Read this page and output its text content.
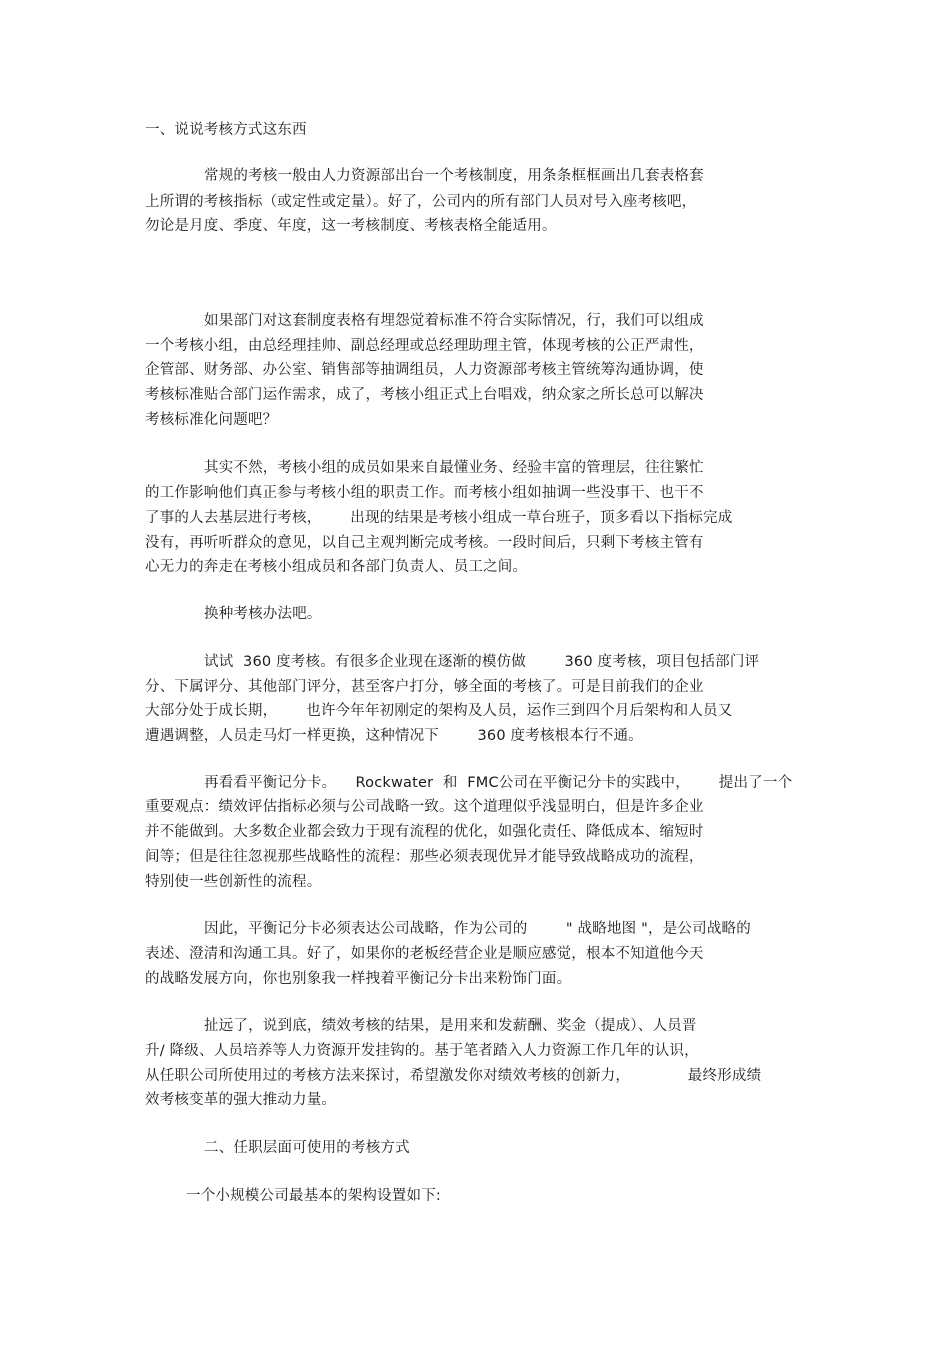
一、说说考核方式这东西
常规的考核一般由人力资源部出台一个考核制度，用条条框框画出几套表格套
上所谓的考核指标（或定性或定量）。好了，公司内的所有部门人员对号入座考核吧，
勿论是月度、季度、年度，这一考核制度、考核表格全能适用。
如果部门对这套制度表格有埋怨觉着标准不符合实际情况，行，我们可以组成
一个考核小组，由总经理挂帅、副总经理或总经理助理主管，体现考核的公正严肃性，
企管部、财务部、办公室、销售部等抽调组员，人力资源部考核主管统筹沟通协调，使
考核标准贴合部门运作需求，成了，考核小组正式上台唱戏，纳众家之所长总可以解决
考核标准化问题吧？
其实不然，考核小组的成员如果来自最懂业务、经验丰富的管理层，往往繁忙
的工作影响他们真正参与考核小组的职责工作。而考核小组如抽调一些没事干、也干不
了事的人去基层进行考核，      出现的结果是考核小组成一草台班子，顶多看以下指标完成
没有，再听听群众的意见，以自己主观判断完成考核。一段时间后，只剩下考核主管有
心无力的奔走在考核小组成员和各部门负责人、员工之间。
换种考核办法吧。
试试  360 度考核。有很多企业现在逐渐的模仿做        360 度考核，项目包括部门评
分、下属评分、其他部门评分，甚至客户打分，够全面的考核了。可是目前我们的企业
大部分处于成长期，      也许今年年初刚定的架构及人员，运作三到四个月后架构和人员又
遭遇调整，人员走马灯一样更换，这种情况下        360 度考核根本行不通。
再看看平衡记分卡。    Rockwater  和  FMC公司在平衡记分卡的实践中，      提出了一个
重要观点：绩效评估指标必须与公司战略一致。这个道理似乎浅显明白，但是许多企业
并不能做到。大多数企业都会致力于现有流程的优化，如强化责任、降低成本、缩短时
间等；但是往往忽视那些战略性的流程：那些必须表现优异才能导致战略成功的流程，
特别使一些创新性的流程。
因此，平衡记分卡必须表达公司战略，作为公司的        " 战略地图 "，是公司战略的
表述、澄清和沟通工具。好了，如果你的老板经营企业是顺应感觉，根本不知道他今天
的战略发展方向，你也别象我一样拽着平衡记分卡出来粉饰门面。
扯远了，说到底，绩效考核的结果，是用来和发薪酬、奖金（提成）、人员晋
升/ 降级、人员培养等人力资源开发挂钩的。基于笔者踏入人力资源工作几年的认识，
从任职公司所使用过的考核方法来探讨，希望激发你对绩效考核的创新力，            最终形成绩
效考核变革的强大推动力量。
二、任职层面可使用的考核方式
一个小规模公司最基本的架构设置如下:
